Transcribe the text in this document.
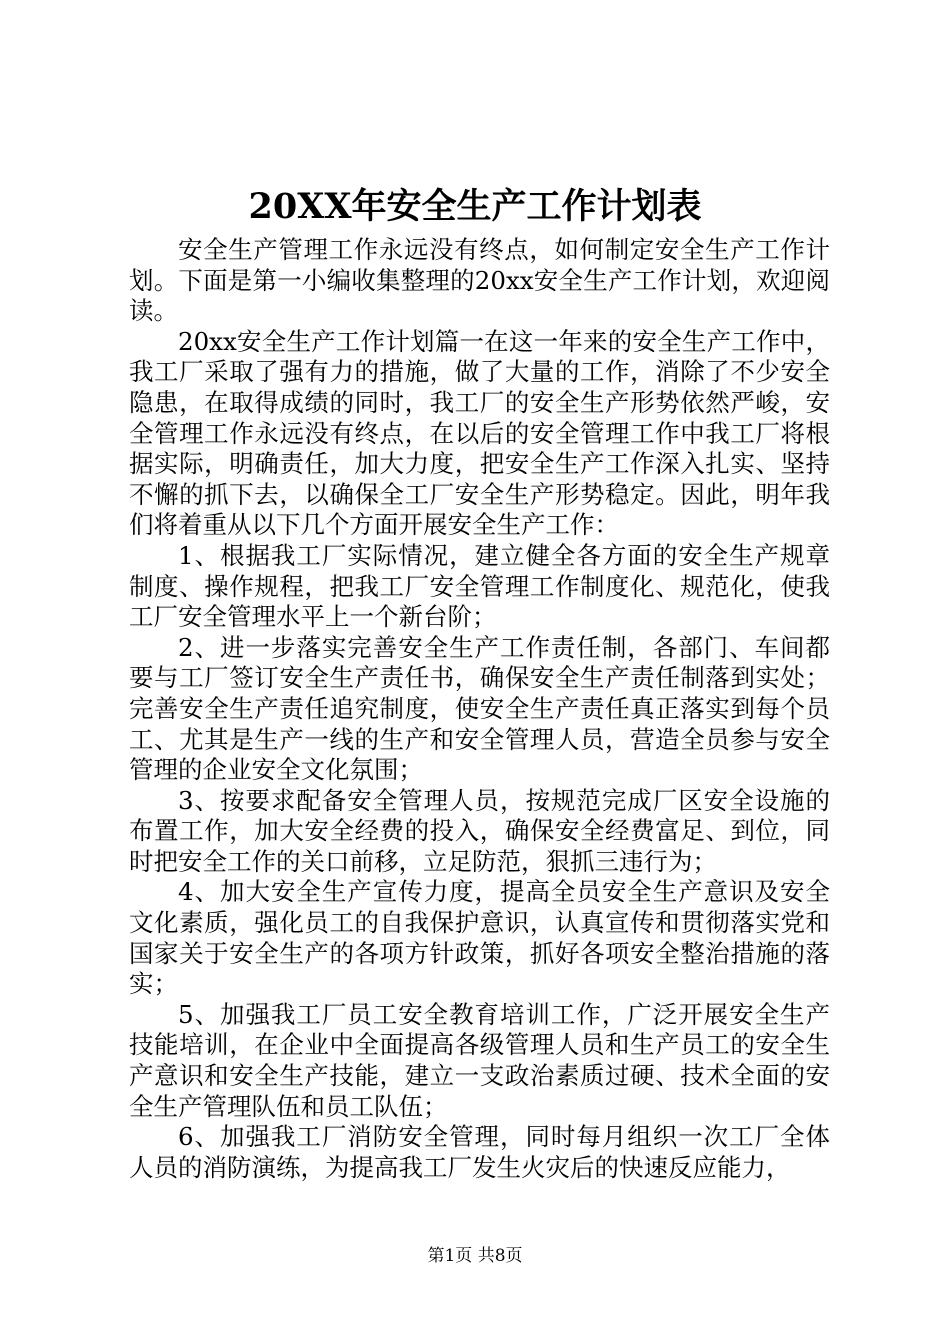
20XX年安全生产工作计划表

安全生产管理工作永远没有终点，如何制定安全生产工作计划。下面是第一小编收集整理的20xx安全生产工作计划，欢迎阅读。

20xx安全生产工作计划篇一在这一年来的安全生产工作中，我工厂采取了强有力的措施，做了大量的工作，消除了不少安全隐患，在取得成绩的同时，我工厂的安全生产形势依然严峻，安全管理工作永远没有终点，在以后的安全管理工作中我工厂将根据实际，明确责任，加大力度，把安全生产工作深入扎实、坚持不懈的抓下去，以确保全工厂安全生产形势稳定。因此，明年我们将着重从以下几个方面开展安全生产工作：

1、根据我工厂实际情况，建立健全各方面的安全生产规章制度、操作规程，把我工厂安全管理工作制度化、规范化，使我工厂安全管理水平上一个新台阶；

2、进一步落实完善安全生产工作责任制，各部门、车间都要与工厂签订安全生产责任书，确保安全生产责任制落到实处；完善安全生产责任追究制度，使安全生产责任真正落实到每个员工、尤其是生产一线的生产和安全管理人员，营造全员参与安全管理的企业安全文化氛围；

3、按要求配备安全管理人员，按规范完成厂区安全设施的布置工作，加大安全经费的投入，确保安全经费富足、到位，同时把安全工作的关口前移，立足防范，狠抓三违行为；

4、加大安全生产宣传力度，提高全员安全生产意识及安全文化素质，强化员工的自我保护意识，认真宣传和贯彻落实党和国家关于安全生产的各项方针政策，抓好各项安全整治措施的落实；

5、加强我工厂员工安全教育培训工作，广泛开展安全生产技能培训，在企业中全面提高各级管理人员和生产员工的安全生产意识和安全生产技能，建立一支政治素质过硬、技术全面的安全生产管理队伍和员工队伍；

6、加强我工厂消防安全管理，同时每月组织一次工厂全体人员的消防演练，为提高我工厂发生火灾后的快速反应能力，

第1页 共8页
